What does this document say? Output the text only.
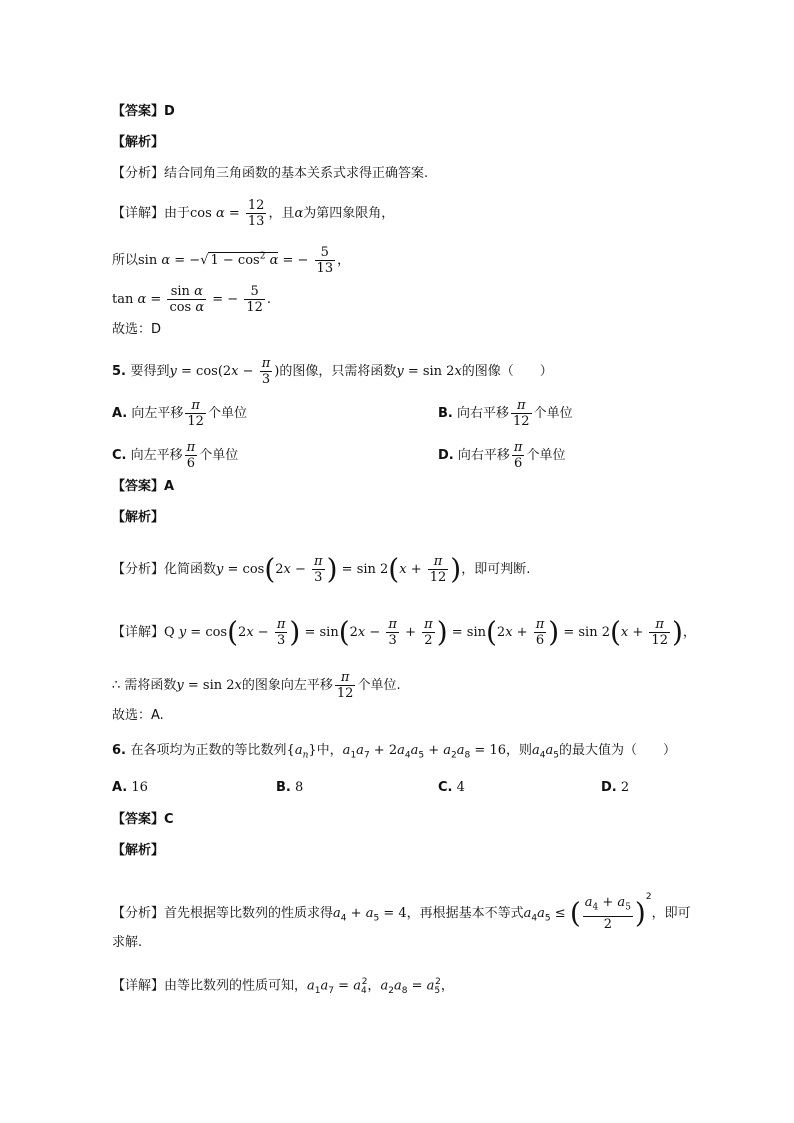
【答案】D
【解析】
【分析】结合同角三角函数的基本关系式求得正确答案.
【详解】由于$\cos \alpha = \frac{12}{13}$ ，且α为第四象限角，
所以sin α = −√ $1 - \cos^2 \alpha$ = − $\frac{5}{13}$ ，
$\tan \alpha = \frac{\text{sin α}}{\text{cos α}}$ = − $\frac{5}{12}$ .
故选：D
5. 要得到$y = \cos(2x - \frac{\pi}{3}$ )的图像，只需将函数y = sin 2x的图像（　　）
A. 向左平移 $\frac{\pi}{12}$ 个单位	B. 向右平移 $\frac{\pi}{12}$ 个单位
C. 向左平移 $\frac{\pi}{6}$ 个单位	D. 向右平移 $\frac{\pi}{6}$ 个单位
【答案】A
【解析】
【分析】化简函数$y = \cos(2x - \frac{\pi}{3}$ ) = $\sin 2(x + \frac{\pi}{12}$ )，即可判断.
【详解】Q $y = \cos(2x - \frac{\pi}{3}$ ) = $\sin(2x - \frac{\pi}{3} + \frac{\pi}{2}$ ) = $\sin(2x + \frac{\pi}{6}$ ) = $\sin 2(x + \frac{\pi}{12}$ )，
∴ 需将函数y = sin 2x的图象向左平移 $\frac{\pi}{12}$ 个单位.
故选：A.
6. 在各项均为正数的等比数列$\{a_n\}$中，$a_1a_7 + 2a_4a_5 + a_2a_8 = 16$，则$a_4a_5$的最大值为（　　）
A. 16	B. 8	C. 4	D. 2
【答案】C
【解析】
【分析】首先根据等比数列的性质求得$a_4 + a_5 = 4$，再根据基本不等式$a_4a_5$ ≤ ( $\frac{a_4 + a_5}{2} )^2$，即可
求解.
【详解】由等比数列的性质可知，$a_1a_7 = a_4^2$，$a_2a_8 = a_5^2$，
